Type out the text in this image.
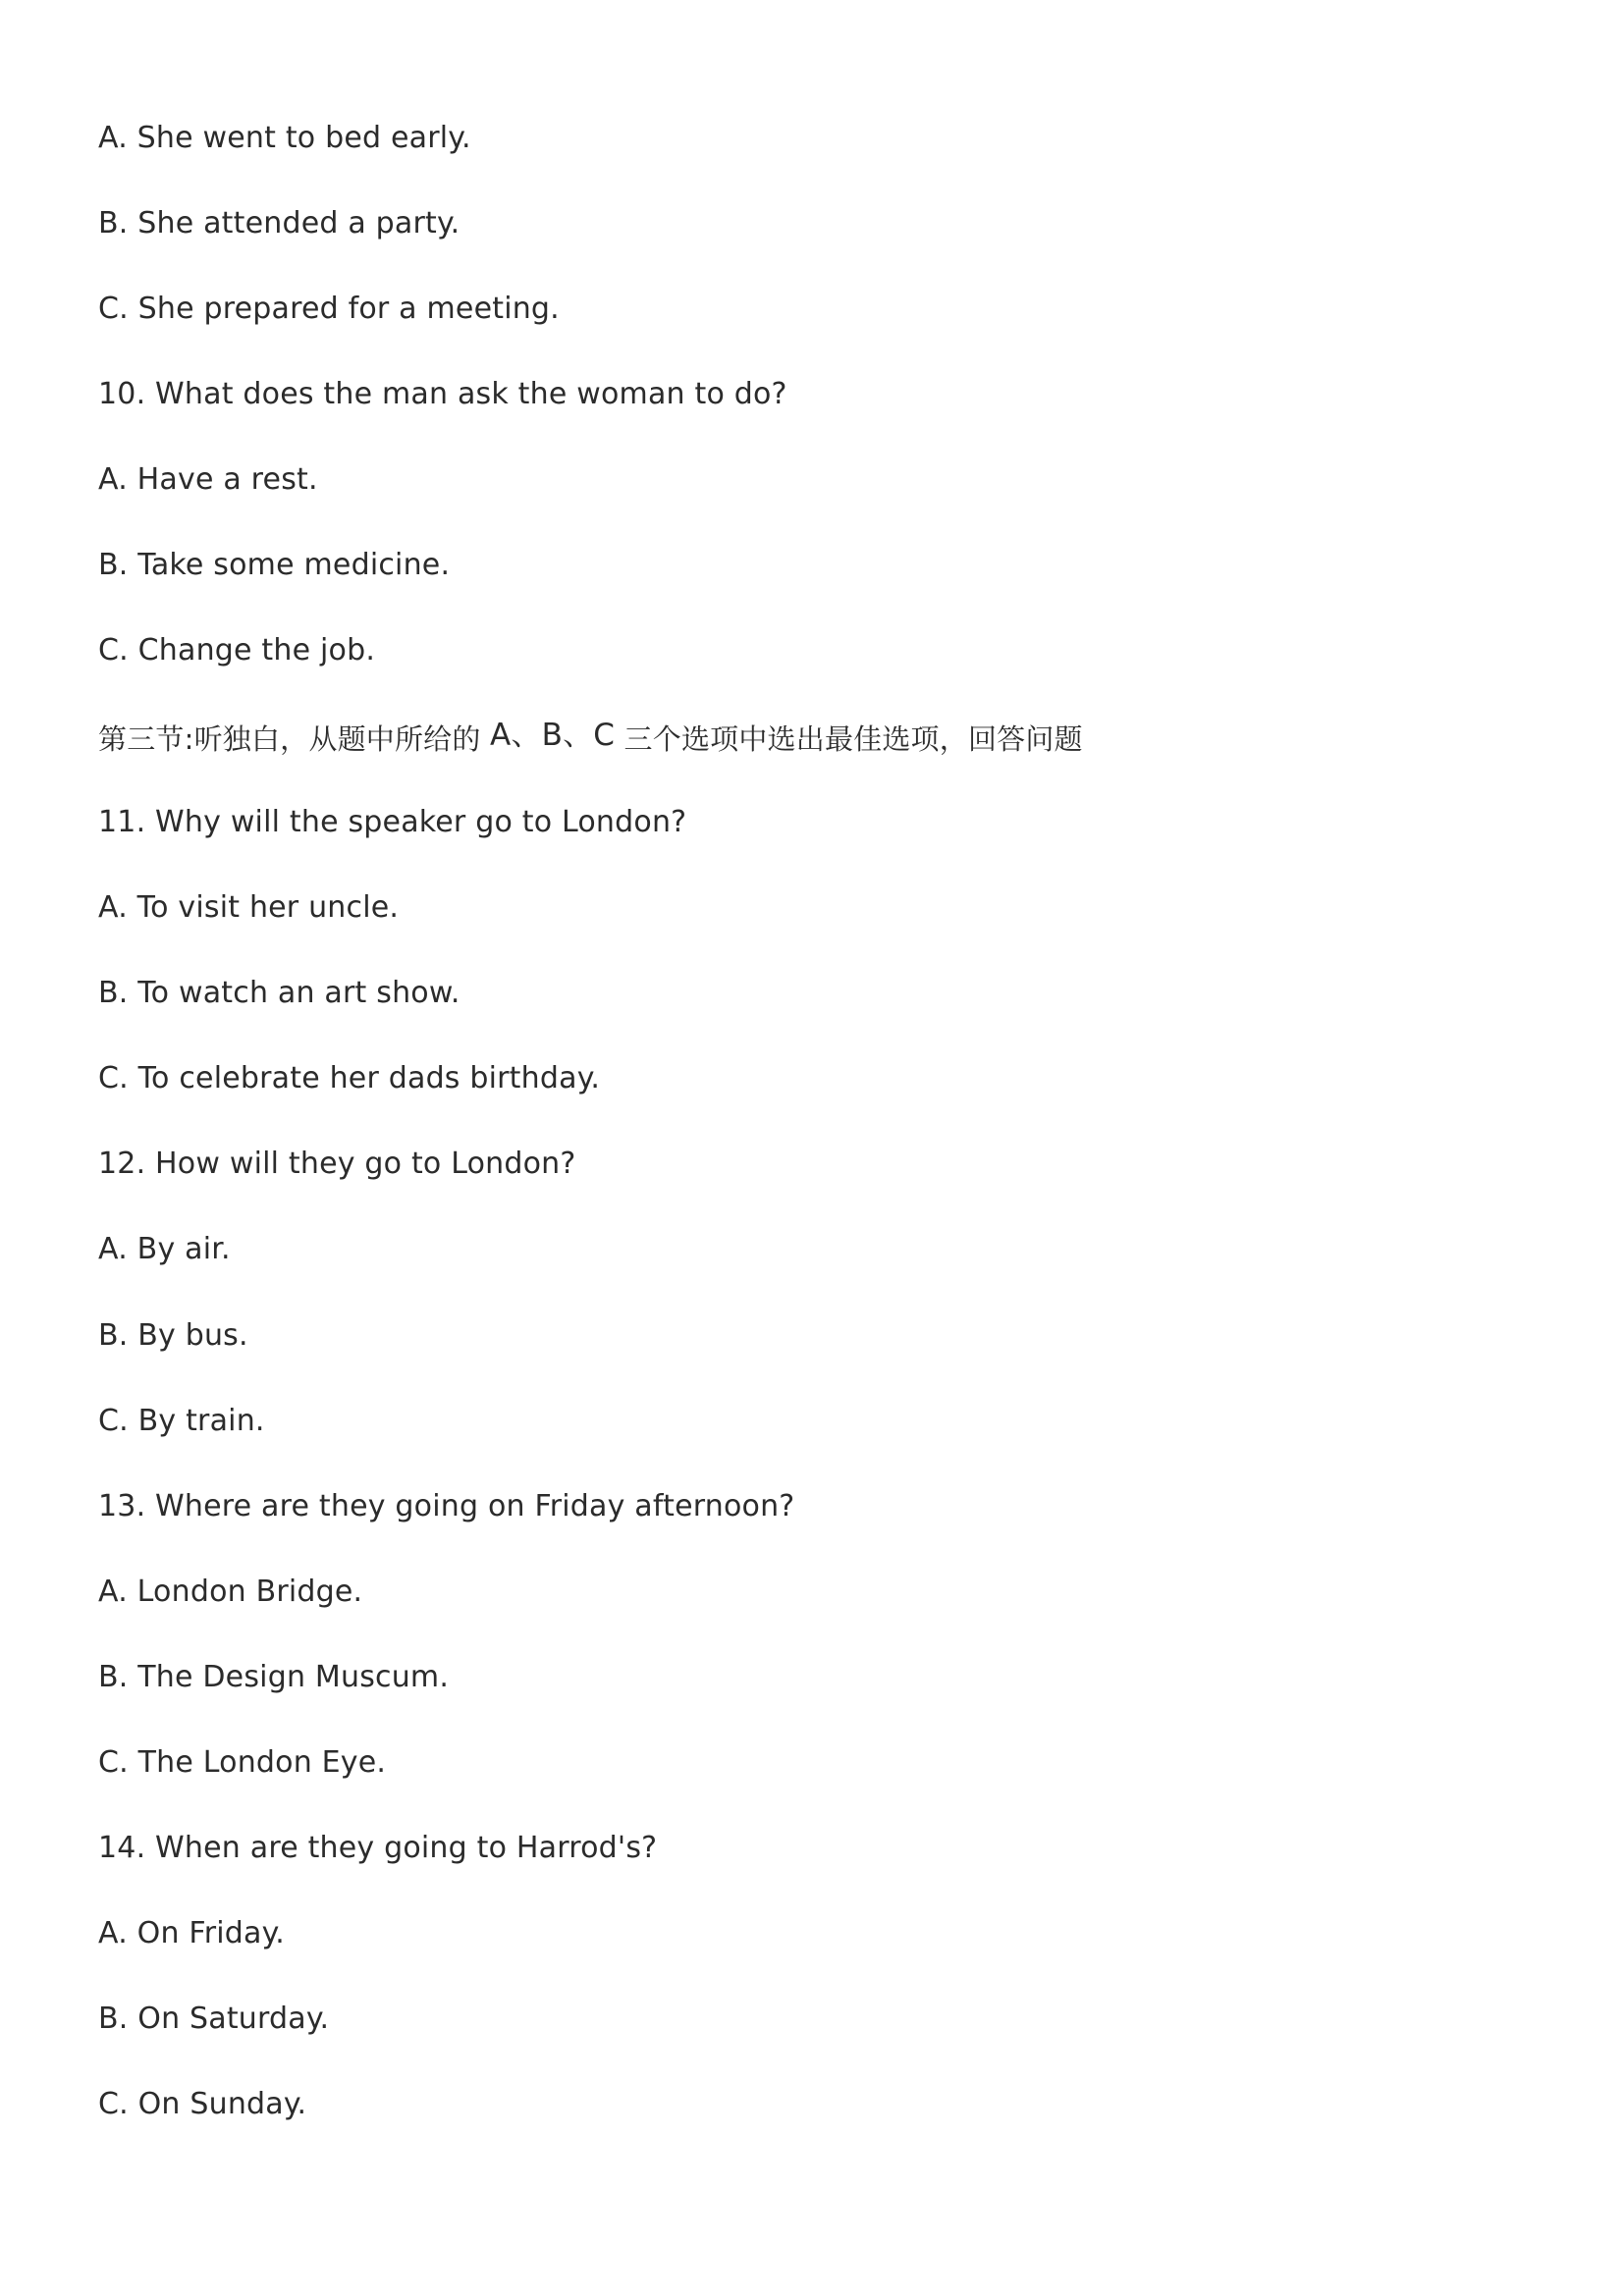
A. She went to bed early.

B. She attended a party.

C. She prepared for a meeting.

10. What does the man ask the woman to do?

A. Have a rest.

B. Take some medicine.

C. Change the job.

第三节:听独白，从题中所给的 A、B、C 三个选项中选出最佳选项，回答问题

11. Why will the speaker go to London?

A. To visit her uncle.

B. To watch an art show.

C. To celebrate her dads birthday.

12. How will they go to London?

A. By air.

B. By bus.

C. By train.

13. Where are they going on Friday afternoon?

A. London Bridge.

B. The Design Muscum.

C. The London Eye.

14. When are they going to Harrod's?

A. On Friday.

B. On Saturday.

C. On Sunday.
